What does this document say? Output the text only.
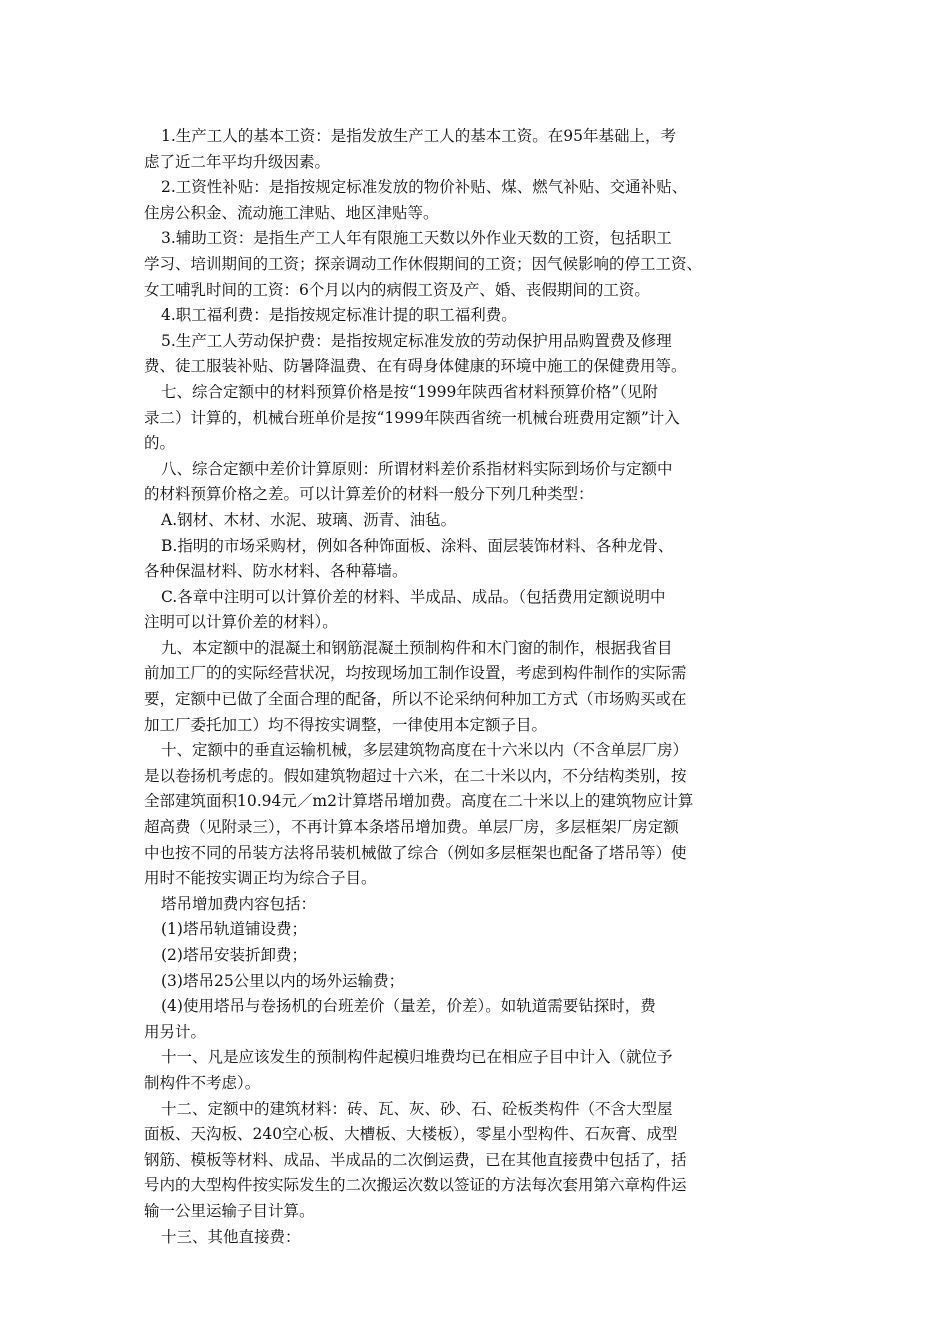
1.生产工人的基本工资：是指发放生产工人的基本工资。在95年基础上，考
虑了近二年平均升级因素。
2.工资性补贴：是指按规定标准发放的物价补贴、煤、燃气补贴、交通补贴、
住房公积金、流动施工津贴、地区津贴等。
3.辅助工资：是指生产工人年有限施工天数以外作业天数的工资，包括职工
学习、培训期间的工资；探亲调动工作休假期间的工资；因气候影响的停工工资、
女工哺乳时间的工资：6个月以内的病假工资及产、婚、丧假期间的工资。
4.职工福利费：是指按规定标准计提的职工福利费。
5.生产工人劳动保护费：是指按规定标准发放的劳动保护用品购置费及修理
费、徒工服装补贴、防暑降温费、在有碍身体健康的环境中施工的保健费用等。
七、综合定额中的材料预算价格是按“1999年陕西省材料预算价格”（见附
录二）计算的，机械台班单价是按“1999年陕西省统一机械台班费用定额”计入
的。
八、综合定额中差价计算原则：所谓材料差价系指材料实际到场价与定额中
的材料预算价格之差。可以计算差价的材料一般分下列几种类型：
A.钢材、木材、水泥、玻璃、沥青、油毡。
B.指明的市场采购材，例如各种饰面板、涂料、面层装饰材料、各种龙骨、
各种保温材料、防水材料、各种幕墙。
C.各章中注明可以计算价差的材料、半成品、成品。（包括费用定额说明中
注明可以计算价差的材料）。
九、本定额中的混凝土和钢筋混凝土预制构件和木门窗的制作，根据我省目
前加工厂的的实际经营状况，均按现场加工制作设置，考虑到构件制作的实际需
要，定额中已做了全面合理的配备，所以不论采纳何种加工方式（市场购买或在
加工厂委托加工）均不得按实调整，一律使用本定额子目。
十、定额中的垂直运输机械，多层建筑物高度在十六米以内（不含单层厂房）
是以卷扬机考虑的。假如建筑物超过十六米，在二十米以内，不分结构类别，按
全部建筑面积10.94元／m2计算塔吊增加费。高度在二十米以上的建筑物应计算
超高费（见附录三），不再计算本条塔吊增加费。单层厂房，多层框架厂房定额
中也按不同的吊装方法将吊装机械做了综合（例如多层框架也配备了塔吊等）使
用时不能按实调正均为综合子目。
塔吊增加费内容包括：
(1)塔吊轨道铺设费；
(2)塔吊安装折卸费；
(3)塔吊25公里以内的场外运输费；
(4)使用塔吊与卷扬机的台班差价（量差，价差）。如轨道需要钻探时，费
用另计。
十一、凡是应该发生的预制构件起模归堆费均已在相应子目中计入（就位予
制构件不考虑）。
十二、定额中的建筑材料：砖、瓦、灰、砂、石、砼板类构件（不含大型屋
面板、天沟板、240空心板、大槽板、大楼板），零星小型构件、石灰膏、成型
钢筋、模板等材料、成品、半成品的二次倒运费，已在其他直接费中包括了，括
号内的大型构件按实际发生的二次搬运次数以签证的方法每次套用第六章构件运
输一公里运输子目计算。
十三、其他直接费：
